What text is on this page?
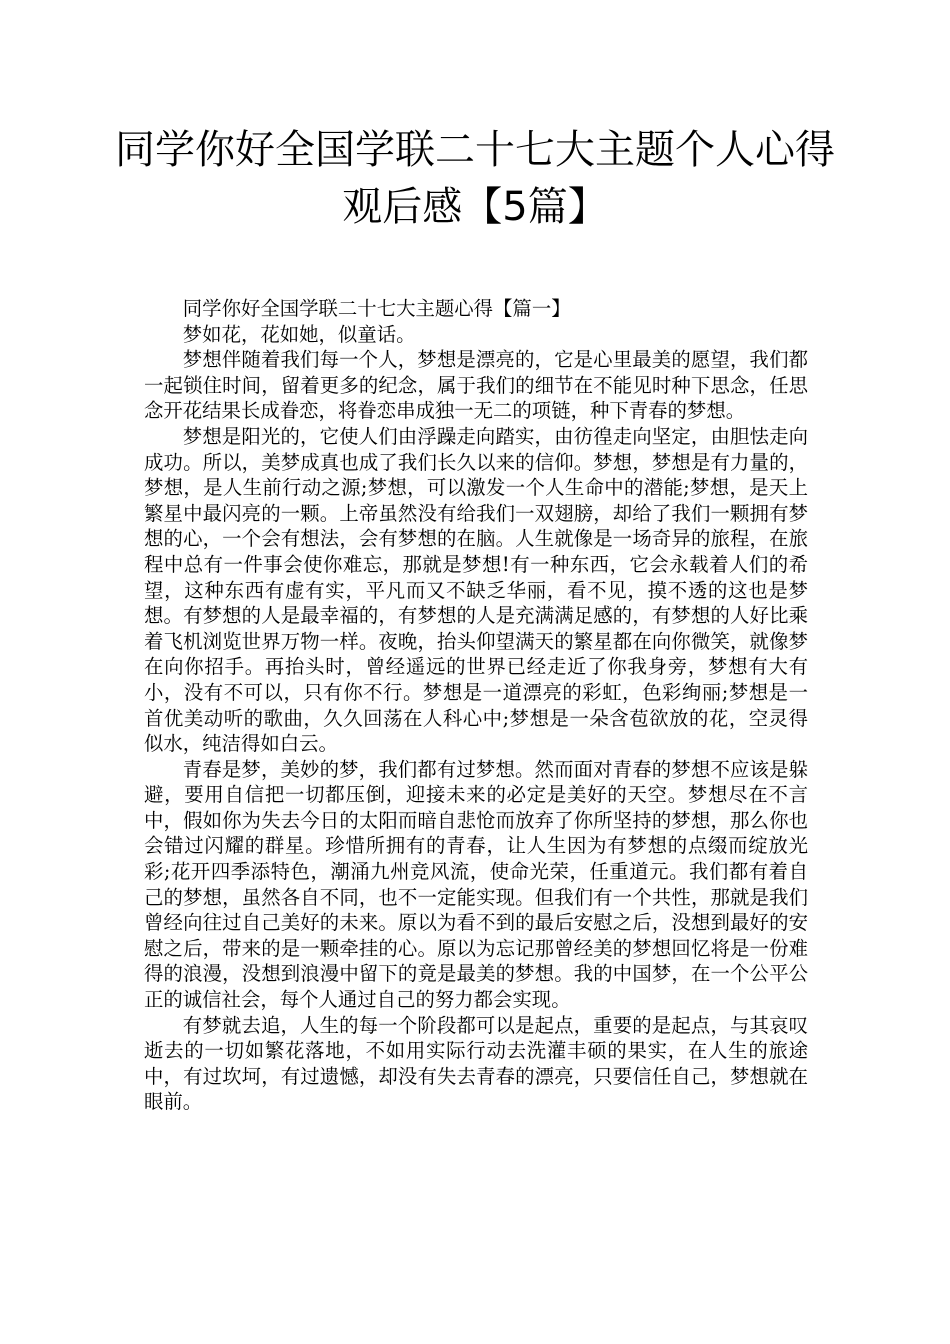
同学你好全国学联二十七大主题个人心得观后感【5篇】

同学你好全国学联二十七大主题心得【篇一】

梦如花，花如她，似童话。

梦想伴随着我们每一个人，梦想是漂亮的，它是心里最美的愿望，我们都一起锁住时间，留着更多的纪念，属于我们的细节在不能见时种下思念，任思念开花结果长成眷恋，将眷恋串成独一无二的项链，种下青春的梦想。

梦想是阳光的，它使人们由浮躁走向踏实，由彷徨走向坚定，由胆怯走向成功。所以，美梦成真也成了我们长久以来的信仰。梦想，梦想是有力量的，梦想，是人生前行动之源;梦想，可以激发一个人生命中的潜能;梦想，是天上繁星中最闪亮的一颗。上帝虽然没有给我们一双翅膀，却给了我们一颗拥有梦想的心，一个会有想法，会有梦想的在脑。人生就像是一场奇异的旅程，在旅程中总有一件事会使你难忘，那就是梦想!有一种东西，它会永载着人们的希望，这种东西有虚有实，平凡而又不缺乏华丽，看不见，摸不透的这也是梦想。有梦想的人是最幸福的，有梦想的人是充满满足感的，有梦想的人好比乘着飞机浏览世界万物一样。夜晚，抬头仰望满天的繁星都在向你微笑，就像梦在向你招手。再抬头时，曾经遥远的世界已经走近了你我身旁，梦想有大有小，没有不可以，只有你不行。梦想是一道漂亮的彩虹，色彩绚丽;梦想是一首优美动听的歌曲，久久回荡在人科心中;梦想是一朵含苞欲放的花，空灵得似水，纯洁得如白云。

青春是梦，美妙的梦，我们都有过梦想。然而面对青春的梦想不应该是躲避，要用自信把一切都压倒，迎接未来的必定是美好的天空。梦想尽在不言中，假如你为失去今日的太阳而暗自悲怆而放弃了你所坚持的梦想，那么你也会错过闪耀的群星。珍惜所拥有的青春，让人生因为有梦想的点缀而绽放光彩;花开四季添特色，潮涌九州竞风流，使命光荣，任重道元。我们都有着自己的梦想，虽然各自不同，也不一定能实现。但我们有一个共性，那就是我们曾经向往过自己美好的未来。原以为看不到的最后安慰之后，没想到最好的安慰之后，带来的是一颗牵挂的心。原以为忘记那曾经美的梦想回忆将是一份难得的浪漫，没想到浪漫中留下的竟是最美的梦想。我的中国梦，在一个公平公正的诚信社会，每个人通过自己的努力都会实现。

有梦就去追，人生的每一个阶段都可以是起点，重要的是起点，与其哀叹逝去的一切如繁花落地，不如用实际行动去洗灌丰硕的果实，在人生的旅途中，有过坎坷，有过遗憾，却没有失去青春的漂亮，只要信任自己，梦想就在眼前。
